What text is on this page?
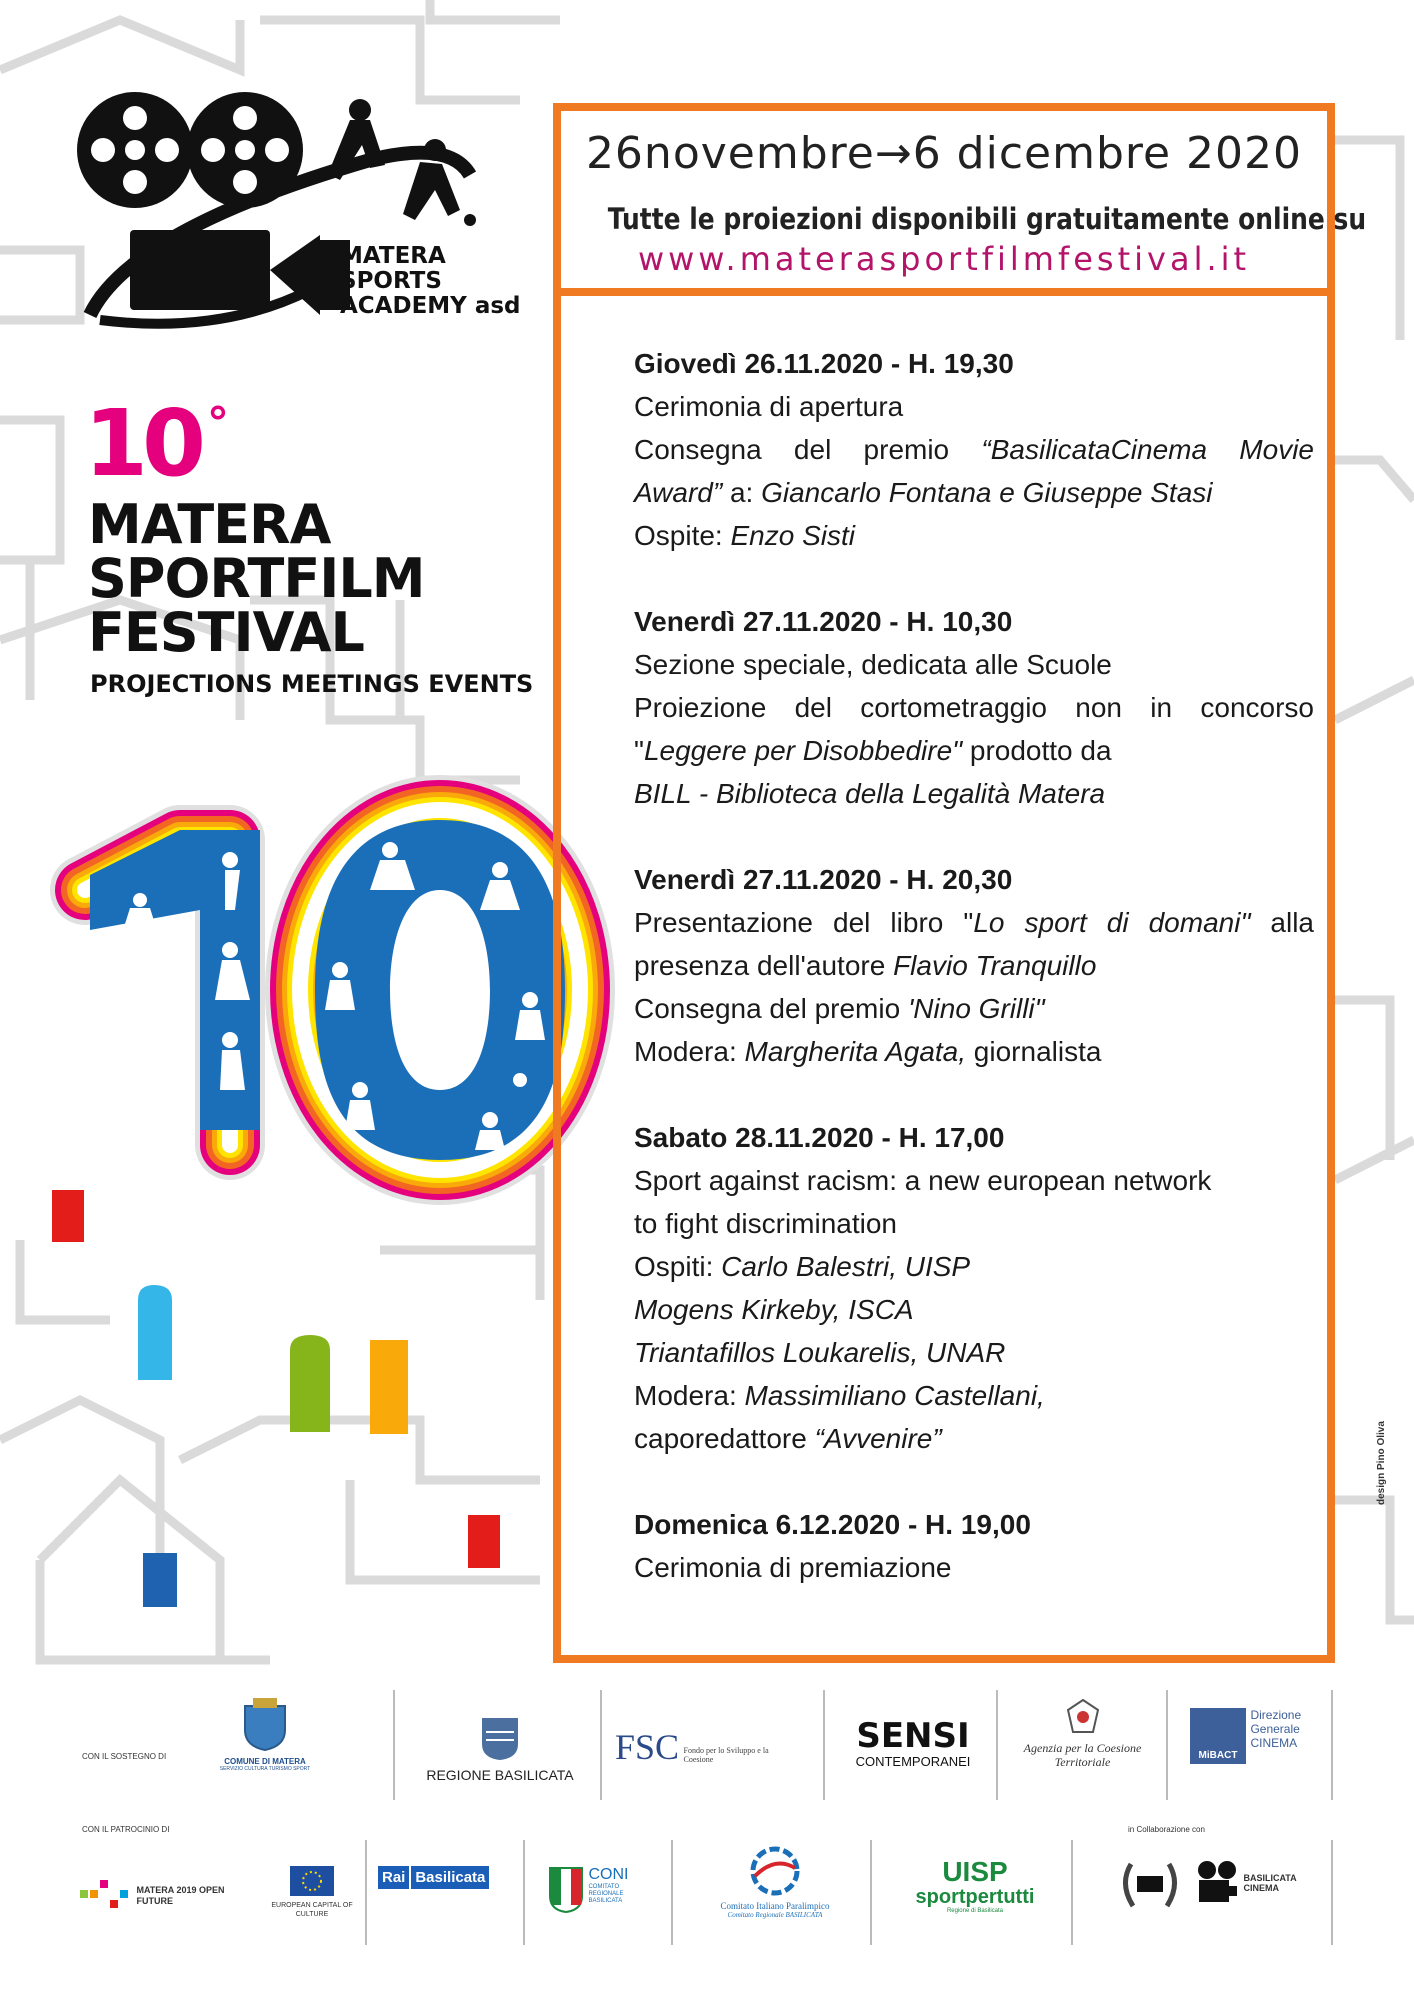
MATERA
SPORTS
ACADEMY asd
10 °
MATERA
SPORTFILM
FESTIVAL
PROJECTIONS MEETINGS EVENTS
design Pino Oliva
26novembre→6 dicembre 2020
Tutte le proiezioni disponibili gratuitamente online su
www.materasportfilmfestival.it
Giovedì 26.11.2020 - H. 19,30
Cerimonia di apertura
Consegna del premio “BasilicataCinema Movie
Award” a: Giancarlo Fontana e Giuseppe Stasi
Ospite: Enzo Sisti
Venerdì 27.11.2020 - H. 10,30
Sezione speciale, dedicata alle Scuole
Proiezione del cortometraggio non in concorso
"Leggere per Disobbedire" prodotto da
BILL - Biblioteca della Legalità Matera
Venerdì 27.11.2020 - H. 20,30
Presentazione del libro "Lo sport di domani" alla
presenza dell'autore Flavio Tranquillo
Consegna del premio 'Nino Grilli"
Modera: Margherita Agata, giornalista
Sabato 28.11.2020 - H. 17,00
Sport against racism: a new european network
to fight discrimination
Ospiti: Carlo Balestri, UISP
Mogens Kirkeby, ISCA
Triantafillos Loukarelis, UNAR
Modera: Massimiliano Castellani,
caporedattore “Avvenire”
Domenica 6.12.2020 - H. 19,00
Cerimonia di premiazione
CON IL SOSTEGNO DI
COMUNE DI MATERA
SERVIZIO CULTURA TURISMO SPORT	REGIONE BASILICATA
FSC Fondo per lo Sviluppo e la Coesione
SENSI
CONTEMPORANEI
Agenzia per la Coesione Territoriale	MiBACT Direzione Generale CINEMA
CON IL PATROCINIO DI	in Collaborazione con
MATERA 2019 OPEN FUTURE	EUROPEAN CAPITAL OF CULTURE
Rai Basilicata
	CONI
COMITATO REGIONALE BASILICATA	Comitato Italiano Paralimpico
Comitato Regionale BASILICATA
UISP
sportpertutti
Regione di Basilicata
BASILICATA CINEMA
